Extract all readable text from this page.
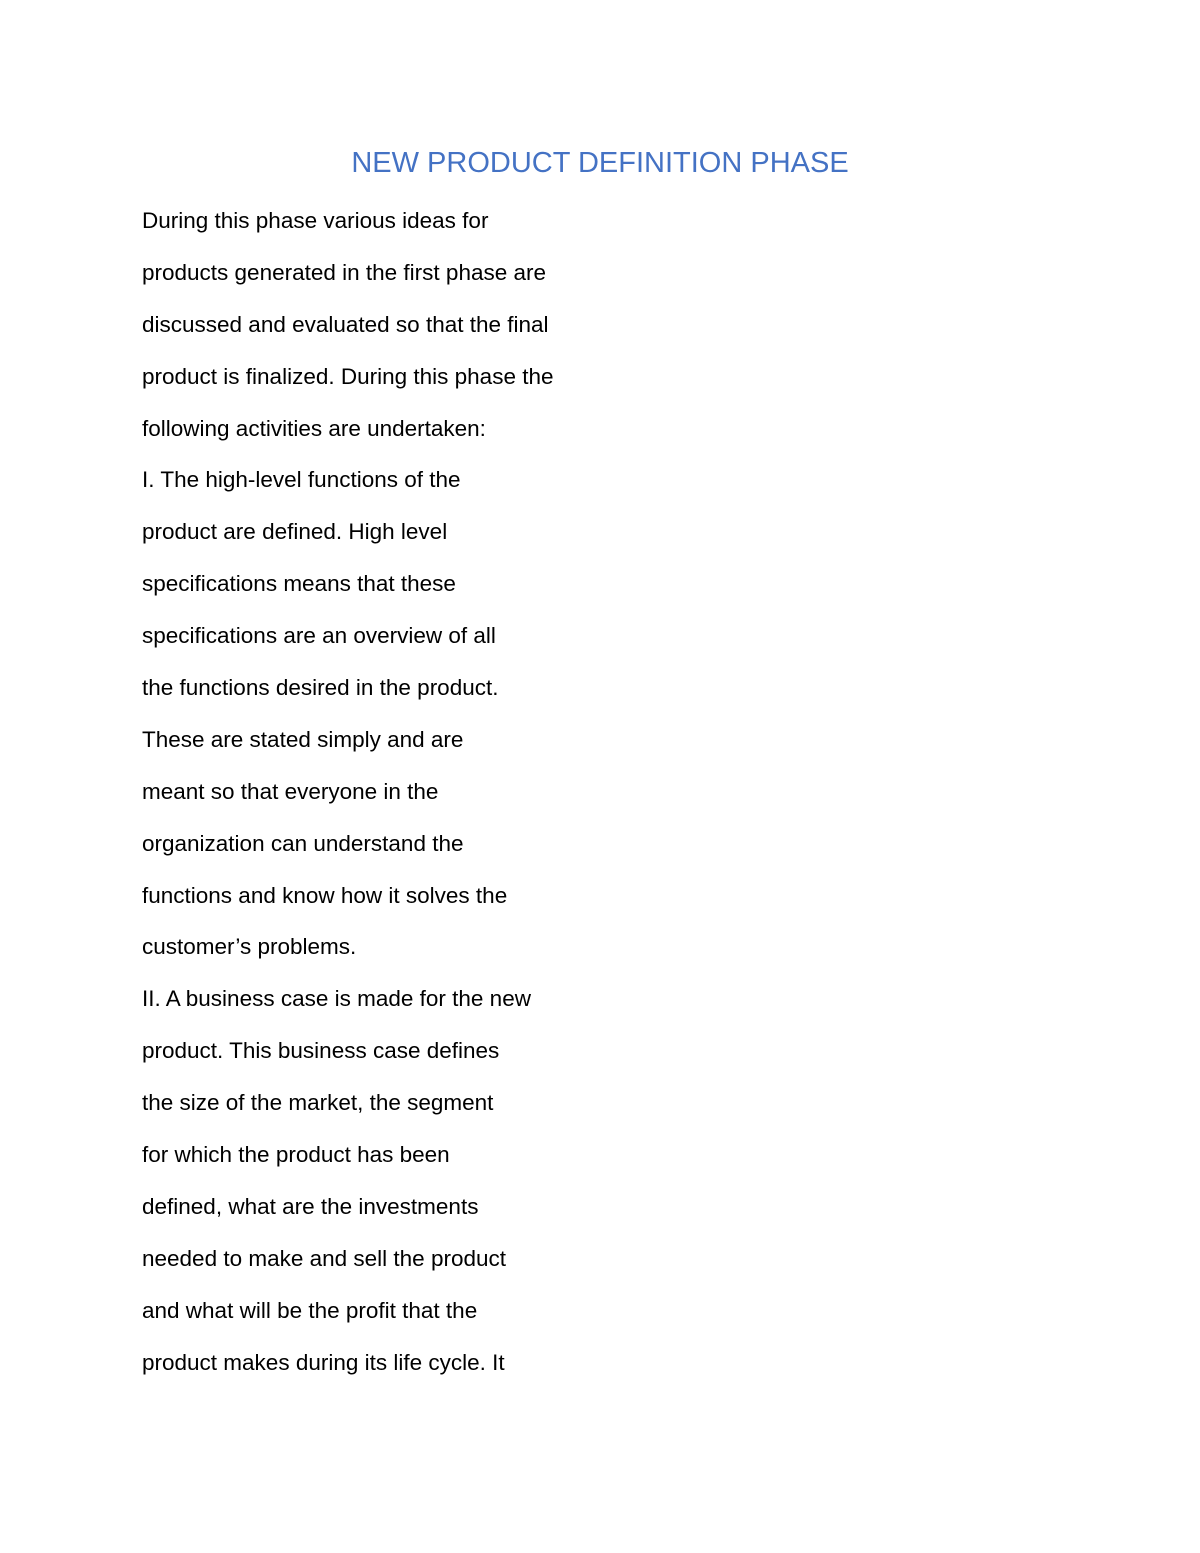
NEW PRODUCT DEFINITION PHASE
During this phase various ideas for
products generated in the first phase are
discussed and evaluated so that the final
product is finalized. During this phase the
following activities are undertaken:
I. The high-level functions of the
product are defined. High level
specifications means that these
specifications are an overview of all
the functions desired in the product.
These are stated simply and are
meant so that everyone in the
organization can understand the
functions and know how it solves the
customer’s problems.
II. A business case is made for the new
product. This business case defines
the size of the market, the segment
for which the product has been
defined, what are the investments
needed to make and sell the product
and what will be the profit that the
product makes during its life cycle. It
